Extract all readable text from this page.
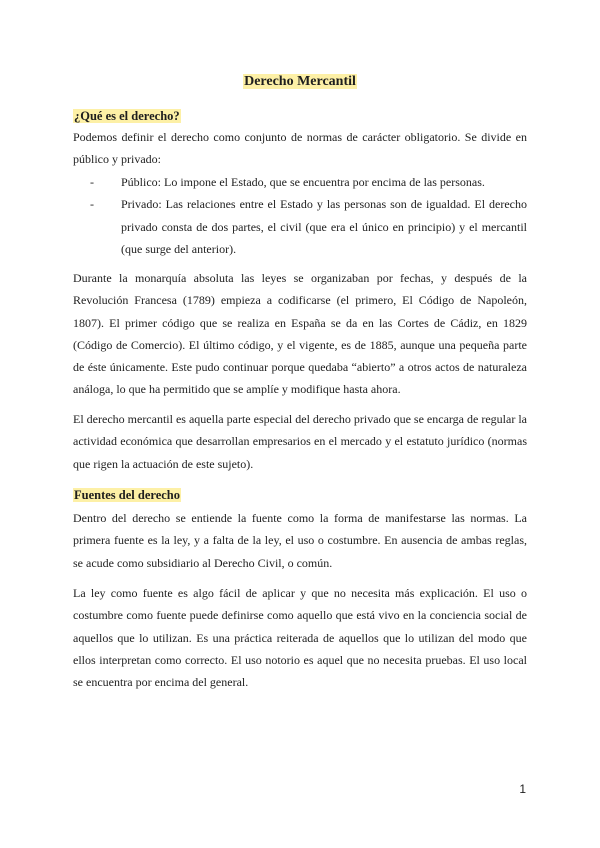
Derecho Mercantil
¿Qué es el derecho?

Podemos definir el derecho como conjunto de normas de carácter obligatorio. Se divide en público y privado:

- Público: Lo impone el Estado, que se encuentra por encima de las personas.

- Privado: Las relaciones entre el Estado y las personas son de igualdad. El derecho privado consta de dos partes, el civil (que era el único en principio) y el mercantil (que surge del anterior).

Durante la monarquía absoluta las leyes se organizaban por fechas, y después de la Revolución Francesa (1789) empieza a codificarse (el primero, El Código de Napoleón, 1807). El primer código que se realiza en España se da en las Cortes de Cádiz, en 1829 (Código de Comercio). El último código, y el vigente, es de 1885, aunque una pequeña parte de éste únicamente. Este pudo continuar porque quedaba “abierto” a otros actos de naturaleza análoga, lo que ha permitido que se amplíe y modifique hasta ahora.

El derecho mercantil es aquella parte especial del derecho privado que se encarga de regular la actividad económica que desarrollan empresarios en el mercado y el estatuto jurídico (normas que rigen la actuación de este sujeto).

Fuentes del derecho

Dentro del derecho se entiende la fuente como la forma de manifestarse las normas. La primera fuente es la ley, y a falta de la ley, el uso o costumbre. En ausencia de ambas reglas, se acude como subsidiario al Derecho Civil, o común.

La ley como fuente es algo fácil de aplicar y que no necesita más explicación. El uso o costumbre como fuente puede definirse como aquello que está vivo en la conciencia social de aquellos que lo utilizan. Es una práctica reiterada de aquellos que lo utilizan del modo que ellos interpretan como correcto. El uso notorio es aquel que no necesita pruebas. El uso local se encuentra por encima del general.

1
